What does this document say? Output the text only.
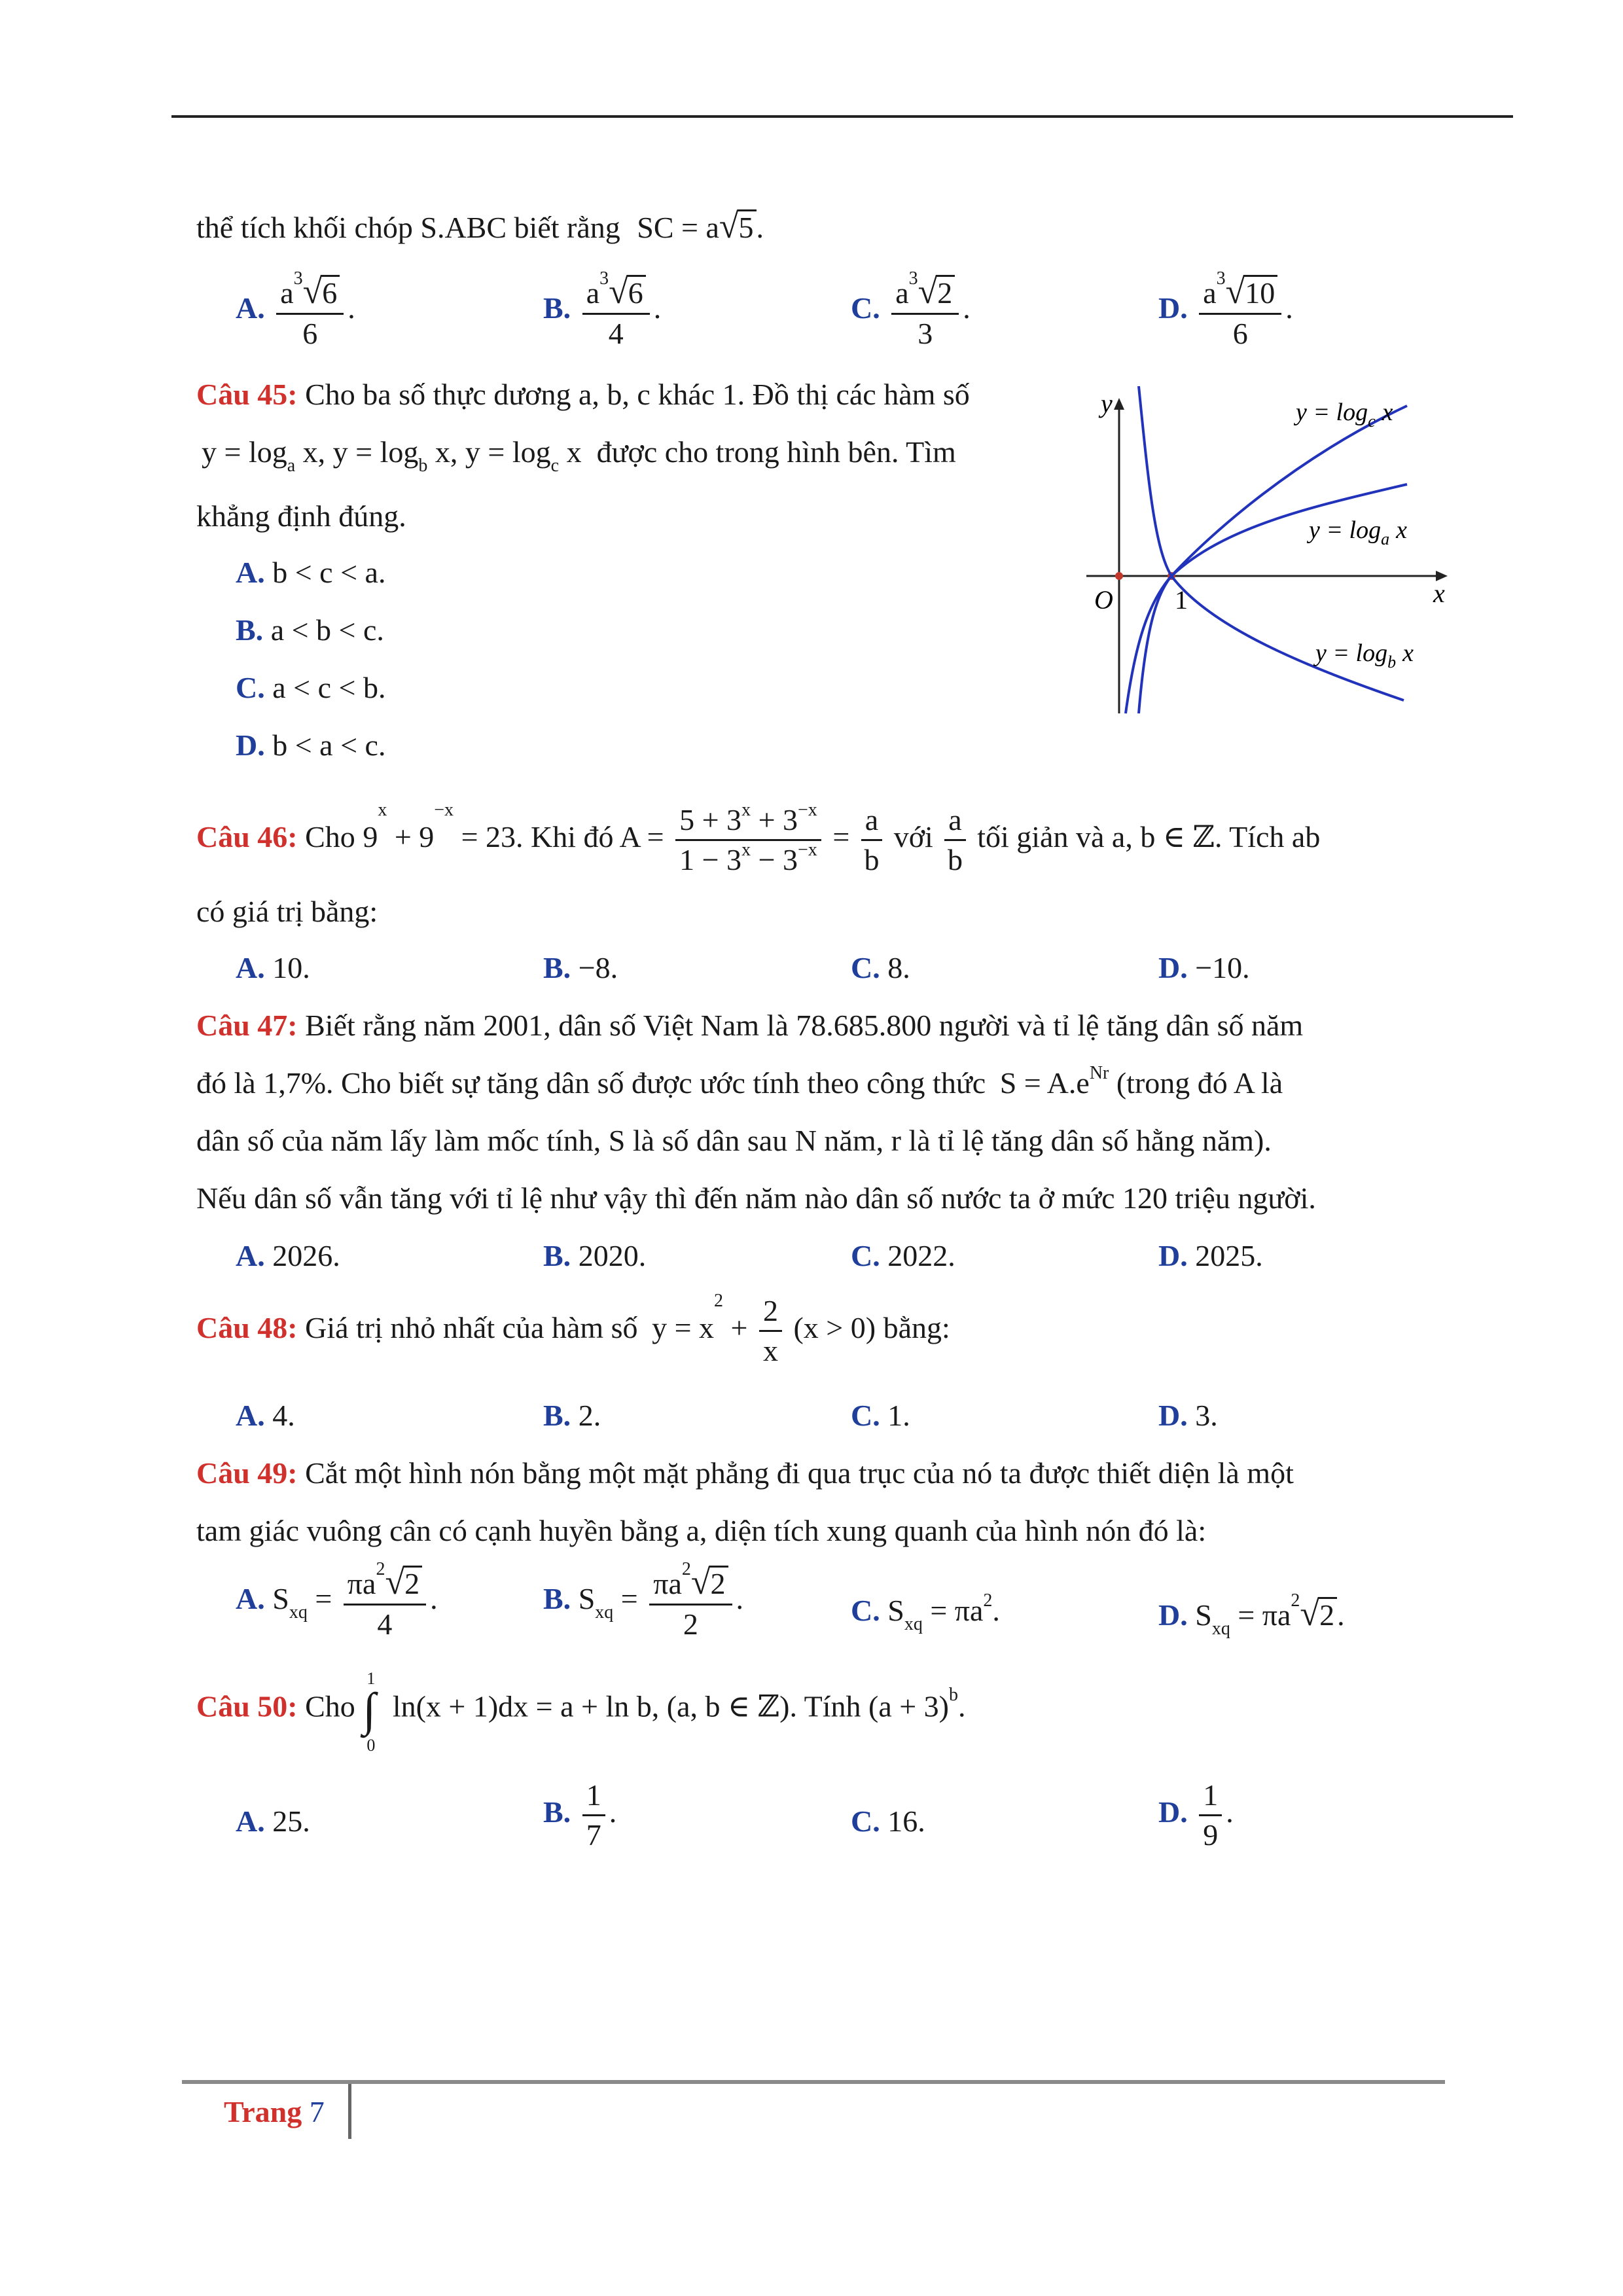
thể tích khối chóp S.ABC biết rằng SC = a√5.
A. $\frac{a^3√6}{6}$ .	B. $\frac{a^3√6}{4}$ .	C. $\frac{a^3√2}{3}$ .	D. $\frac{a^3√10}{6}$ .
Câu 45: Cho ba số thực dương a, b, c khác 1. Đồ thị các hàm số
$y = \log_a x$, $y = \log_b x$, $y = \log_c x$  được cho trong hình bên. Tìm
khẳng định đúng.
A. b < c < a.
B. a < b < c.
C. a < c < b.
D. b < a < c.
Câu 46: Cho $9^x + 9^{-x} = 23$. Khi đó $A = \frac{5 + 3^x + 3^{-x}}{1 - 3^x - 3^{-x}} = \frac{a}{b}$ với $\frac{a}{b}$ tối giản và a, b ∈ ℤ. Tích ab
có giá trị bằng:
A. 10.	B. −8.	C. 8.	D. −10.
Câu 47: Biết rằng năm 2001, dân số Việt Nam là 78.685.800 người và tỉ lệ tăng dân số năm
đó là 1,7%. Cho biết sự tăng dân số được ước tính theo công thức $S = A.e^{Nr}$ (trong đó A là
dân số của năm lấy làm mốc tính, S là số dân sau N năm, r là tỉ lệ tăng dân số hằng năm).
Nếu dân số vẫn tăng với tỉ lệ như vậy thì đến năm nào dân số nước ta ở mức 120 triệu người.
A. 2026.	B. 2020.	C. 2022.	D. 2025.
Câu 48: Giá trị nhỏ nhất của hàm số $y = x^2 + \frac{2}{x} (x > 0)$ bằng:
A. 4.	B. 2.	C. 1.	D. 3.
Câu 49: Cắt một hình nón bằng một mặt phẳng đi qua trục của nó ta được thiết diện là một
tam giác vuông cân có cạnh huyền bằng a, diện tích xung quanh của hình nón đó là:
A. $S_{xq} = \frac{\pi a^2√2}{4}$ .	B. $S_{xq} = \frac{\pi a^2√2}{2}$ .	C. $S_{xq} = \pi a^2$.	D. $S_{xq} = \pi a^2√2$.
Câu 50: Cho
1
∫
0
ln(x + 1)dx = a + ln b, (a, b ∈ ℤ). Tính $(a + 3)^b$.
A. 25.	B. $\frac{1}{7}$ .	C. 16.	D. $\frac{1}{9}$ .
y
x
O 1
$y = \log_c x$
$y = \log_a x$
$y = \log_b x$
Trang 7
